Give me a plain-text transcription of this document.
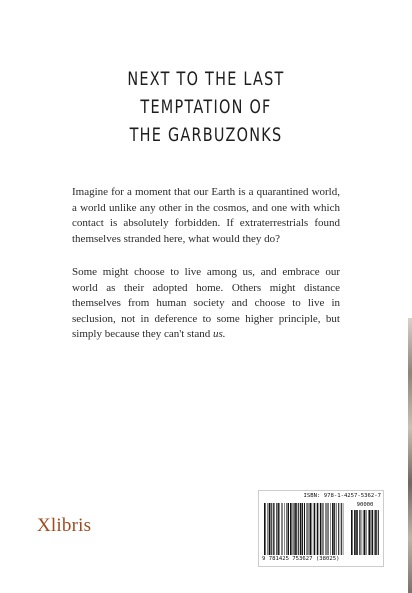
NEXT TO THE LAST
TEMPTATION OF
THE GARBUZONKS

Imagine for a moment that our Earth is a quarantined world, a world unlike any other in the cosmos, and one with which contact is absolutely forbidden. If extraterrestrials found themselves stranded here, what would they do?

Some might choose to live among us, and embrace our world as their adopted home. Others might distance themselves from human society and choose to live in seclusion, not in deference to some higher principle, but simply because they can't stand us.

Xlibris
ISBN: 978-1-4257-5362-7
90000
9 781425 753627 (38025)
